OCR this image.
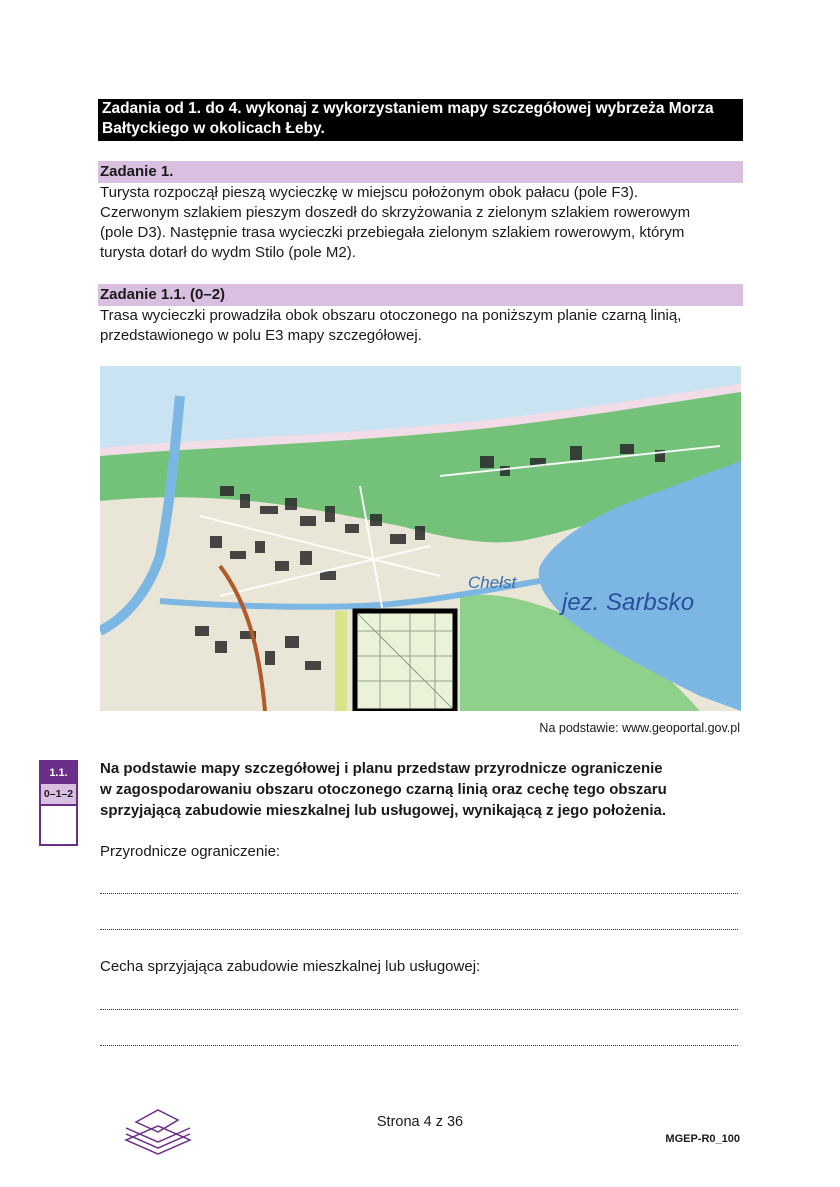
Zadania od 1. do 4. wykonaj z wykorzystaniem mapy szczegółowej wybrzeża Morza
Bałtyckiego w okolicach Łeby.
Zadanie 1.
Turysta rozpoczął pieszą wycieczkę w miejscu położonym obok pałacu (pole F3).
Czerwonym szlakiem pieszym doszedł do skrzyżowania z zielonym szlakiem rowerowym
(pole D3). Następnie trasa wycieczki przebiegała zielonym szlakiem rowerowym, którym
turysta dotarł do wydm Stilo (pole M2).
Zadanie 1.1. (0–2)
Trasa wycieczki prowadziła obok obszaru otoczonego na poniższym planie czarną linią,
przedstawionego w polu E3 mapy szczegółowej.
Chełst
jez. Sarbsko
Na podstawie: www.geoportal.gov.pl
1.1.
0–1–2
Na podstawie mapy szczegółowej i planu przedstaw przyrodnicze ograniczenie
w zagospodarowaniu obszaru otoczonego czarną linią oraz cechę tego obszaru
sprzyjającą zabudowie mieszkalnej lub usługowej, wynikającą z jego położenia.
Przyrodnicze ograniczenie:
Cecha sprzyjająca zabudowie mieszkalnej lub usługowej:
Strona 4 z 36
MGEP-R0_100
